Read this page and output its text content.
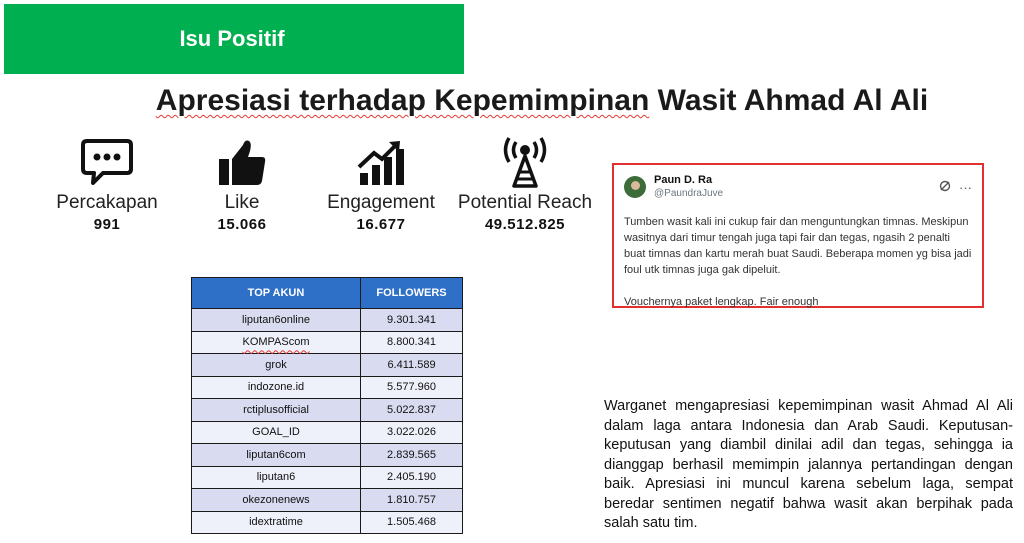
Isu Positif
Apresiasi terhadap Kepemimpinan Wasit Ahmad Al Ali
Percakapan
991
Like
15.066
Engagement
16.677
Potential Reach
49.512.825
TOP AKUN	FOLLOWERS
liputan6online	9.301.341
KOMPAScom	8.800.341
grok	6.411.589
indozone.id	5.577.960
rctiplusofficial	5.022.837
GOAL_ID	3.022.026
liputan6com	2.839.565
liputan6	2.405.190
okezonenews	1.810.757
idextratime	1.505.468
Paun D. Ra
@PaundraJuve	···

Tumben wasit kali ini cukup fair dan menguntungkan timnas. Meskipun wasitnya dari timur tengah juga tapi fair dan tegas, ngasih 2 penalti buat timnas dan kartu merah buat Saudi. Beberapa momen yg bisa jadi foul utk timnas juga gak dipeluit.

Vouchernya paket lengkap. Fair enough

Warganet mengapresiasi kepemimpinan wasit Ahmad Al Ali dalam laga antara Indonesia dan Arab Saudi. Keputusan-keputusan yang diambil dinilai adil dan tegas, sehingga ia dianggap berhasil memimpin jalannya pertandingan dengan baik. Apresiasi ini muncul karena sebelum laga, sempat beredar sentimen negatif bahwa wasit akan berpihak pada salah satu tim.
